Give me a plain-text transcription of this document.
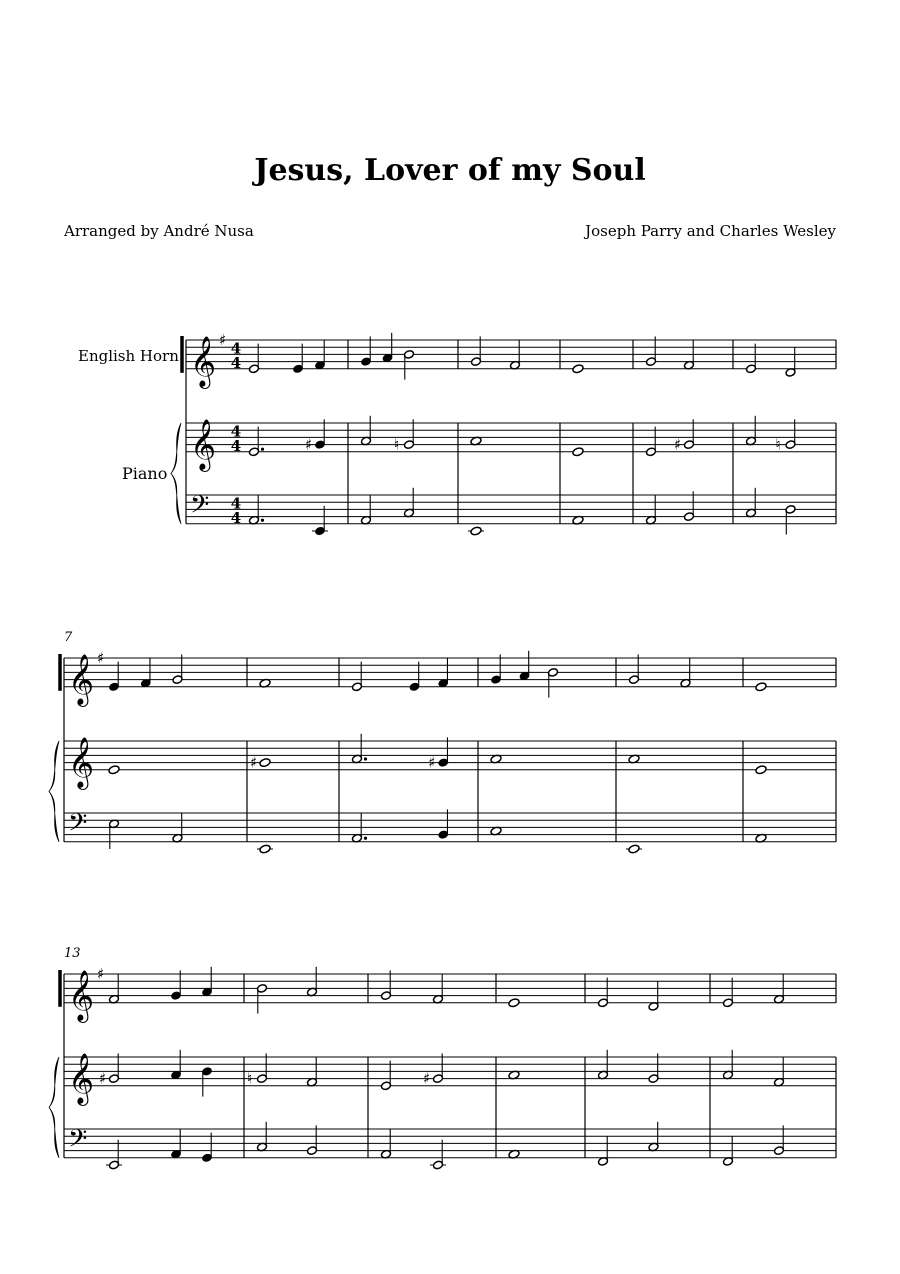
Jesus, Lover of my Soul
Arranged by André Nusa	Joseph Parry and Charles Wesley
English Horn
Piano
7
13
𝄞
𝄞
𝄢
♯ 4
4
4
4
4
4
♯	♮	♯	♮
𝄞
𝄞
𝄢
♯
♯	♯
𝄞
𝄞
𝄢
♯
♯	♮	♯
